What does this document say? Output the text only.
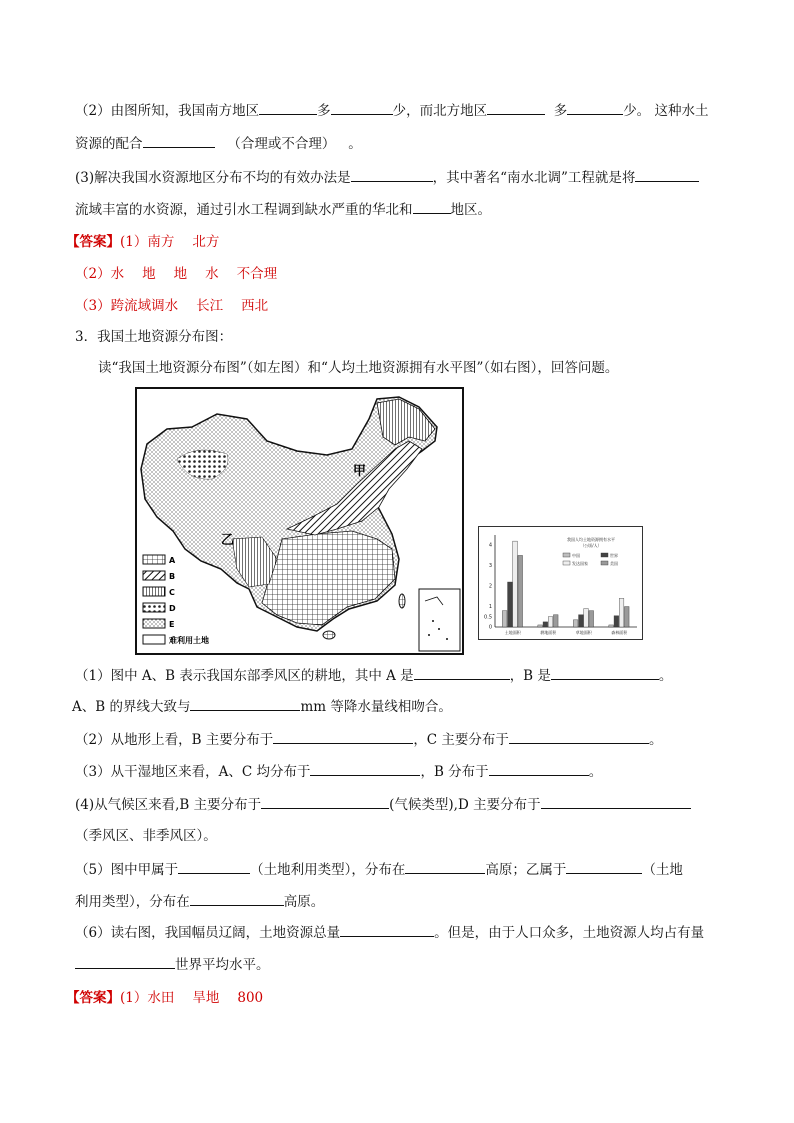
（2）由图所知，我国南方地区	多	少，而北方地区	多	少。 这种水土
资源的配合	（合理或不合理） 。
(3)解决我国水资源地区分布不均的有效办法是	，其中著名“南水北调”工程就是将
流域丰富的水资源，通过引水工程调到缺水严重的华北和	地区。
【答案】(1）南方 北方
（2）水 地 地 水 不合理
（3）跨流域调水 长江 西北
3．我国土地资源分布图：
读“我国土地资源分布图”（如左图）和“人均土地资源拥有水平图”（如右图），回答问题。
甲
乙
A
B
C
D
E
难利用土地
4
3
2
1
0.5
0
我国人均土地资源拥有水平
（公顷/人）
中国	世界
发达国家	美国
土地面积	耕地面积	草地面积	森林面积
（1）图中 A、B 表示我国东部季风区的耕地，其中 A 是	，B 是	。
A、B 的界线大致与	mm 等降水量线相吻合。
（2）从地形上看，B 主要分布于	，C 主要分布于	。
（3）从干湿地区来看，A、C 均分布于	，B 分布于	。
(4)从气候区来看,B 主要分布于	(气候类型),D 主要分布于
（季风区、非季风区）。
（5）图中甲属于	（土地利用类型），分布在	高原；乙属于	（土地
利用类型），分布在	高原。
（6）读右图，我国幅员辽阔，土地资源总量	。但是，由于人口众多，土地资源人均占有量
世界平均水平。
【答案】(1）水田 旱地 800
